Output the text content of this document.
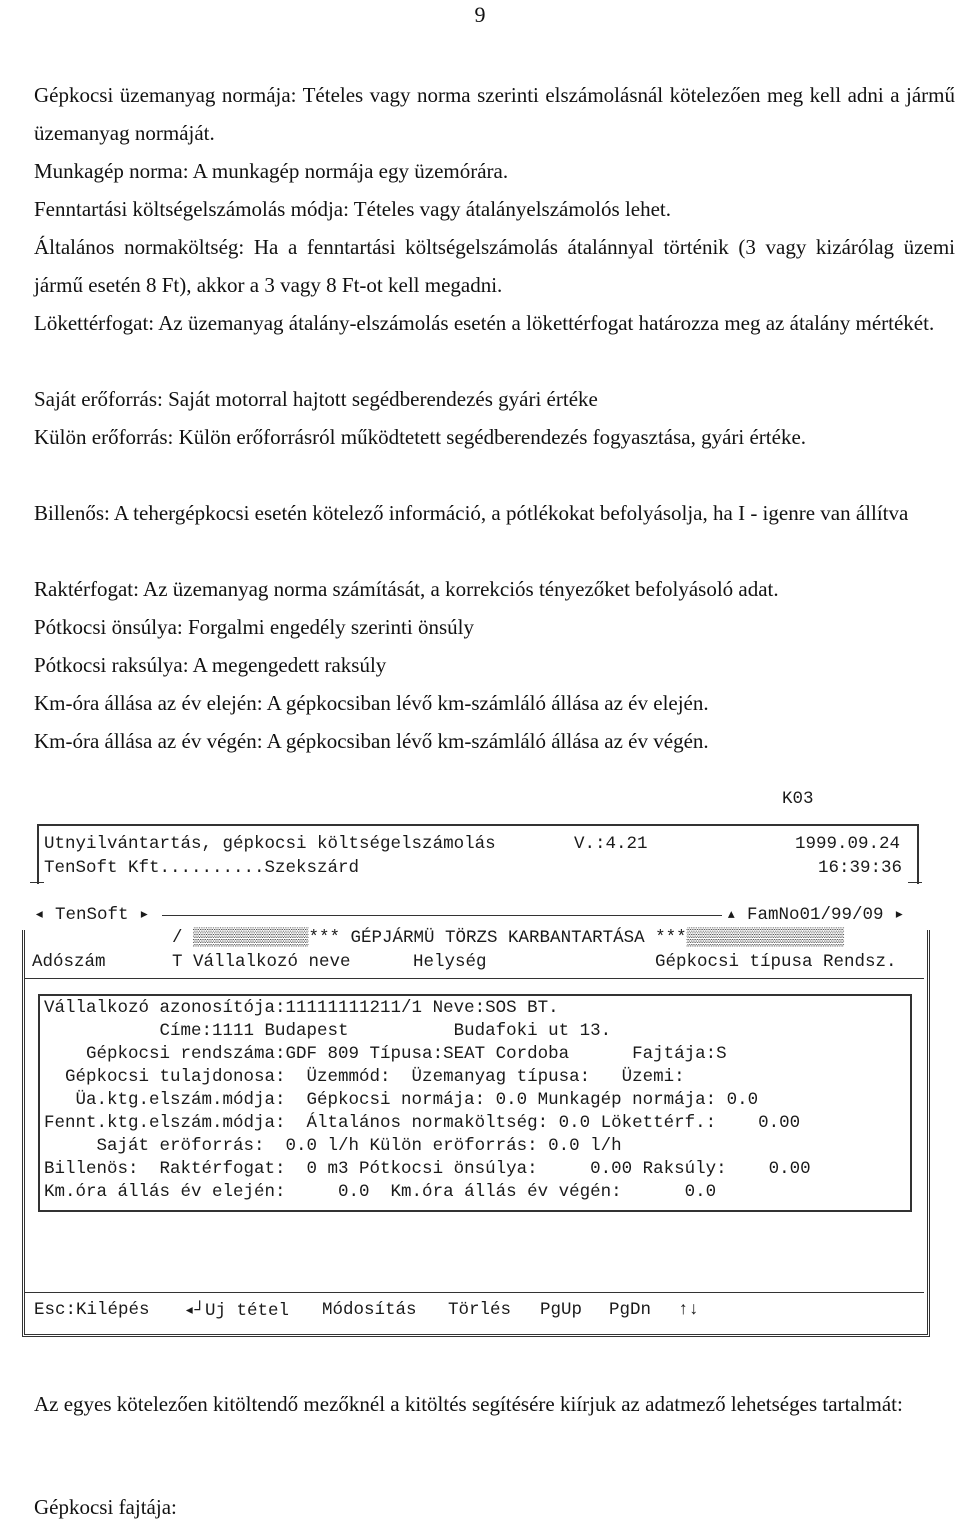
9
Gépkocsi üzemanyag normája: Tételes vagy norma szerinti elszámolásnál kötelezően meg kell adni a jármű üzemanyag normáját.
Munkagép norma: A munkagép normája egy üzemórára.
Fenntartási költségelszámolás módja: Tételes vagy átalányelszámolós lehet.
Általános normaköltség: Ha a fenntartási költségelszámolás átalánnyal történik (3 vagy kizárólag üzemi jármű esetén 8 Ft), akkor a 3 vagy 8 Ft-ot kell megadni.
Lökettérfogat: Az üzemanyag átalány-elszámolás esetén a lökettérfogat határozza meg az átalány mértékét.
Saját erőforrás: Saját motorral hajtott segédberendezés gyári értéke
Külön erőforrás: Külön erőforrásról működtetett segédberendezés fogyasztása, gyári értéke.
Billenős: A tehergépkocsi esetén kötelező információ, a pótlékokat befolyásolja, ha I - igenre van állítva
Raktérfogat: Az üzemanyag norma számítását, a korrekciós tényezőket befolyásoló adat.
Pótkocsi önsúlya: Forgalmi engedély szerinti önsúly
Pótkocsi raksúlya: A megengedett raksúly
Km-óra állása az év elején: A gépkocsiban lévő km-számláló állása az év elején.
Km-óra állása az év végén: A gépkocsiban lévő km-számláló állása az év végén.
K03
Utnyilvántartás, gépkocsi költségelszámolás	V.:4.21	1999.09.24
TenSoft Kft..........Szekszárd	16:39:36
◂ TenSoft ▸	▴ FamNo01/99/09 ▸
/ ▒▒▒▒▒▒▒▒▒▒▒*** GÉPJÁRMÜ TÖRZS KARBANTARTÁSA ***▒▒▒▒▒▒▒▒▒▒▒▒▒▒▒
Adószám	T Vállalkozó neve	Helység	Gépkocsi típusa Rendsz.
Vállalkozó azonosítója:11111111211/1 Neve:SOS BT.
Címe:1111 Budapest          Budafoki ut 13.
Gépkocsi rendszáma:GDF 809 Típusa:SEAT Cordoba      Fajtája:S
Gépkocsi tulajdonosa:  Üzemmód:  Üzemanyag típusa:   Üzemi:
Üa.ktg.elszám.módja:  Gépkocsi normája: 0.0 Munkagép normája: 0.0
Fennt.ktg.elszám.módja:  Általános normaköltség: 0.0 Lökettérf.:    0.00
Saját eröforrás:  0.0 l/h Külön eröforrás: 0.0 l/h
Billenös:  Raktérfogat:  0 m3 Pótkocsi önsúlya:     0.00 Raksúly:    0.00
Km.óra állás év elején:     0.0  Km.óra állás év végén:      0.0
Esc:Kilépés ◂┘Uj tétel Módosítás Törlés PgUp PgDn ↑↓
Az egyes kötelezően kitöltendő mezőknél a kitöltés segítésére kiírjuk az adatmező lehetséges tartalmát:
Gépkocsi fajtája:
